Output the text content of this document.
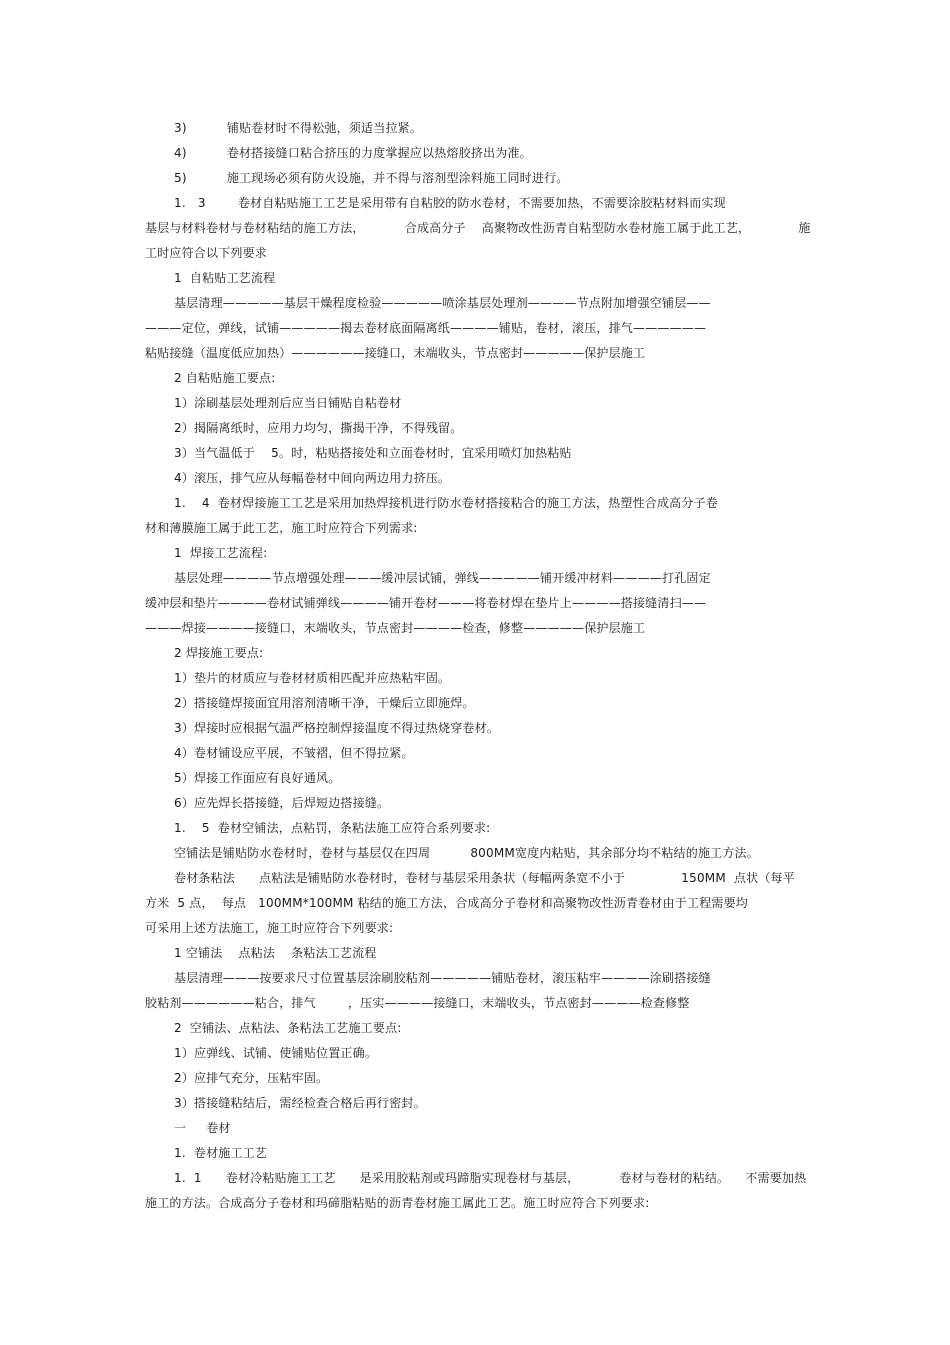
3)          铺贴卷材时不得松弛，须适当拉紧。
4)          卷材搭接缝口粘合挤压的力度掌握应以热熔胶挤出为准。
5)          施工现场必须有防火设施，并不得与溶剂型涂料施工同时进行。
1.   3        卷材自粘贴施工工艺是采用带有自粘胶的防水卷材，不需要加热，不需要涂胶粘材料而实现
基层与材料卷材与卷材粘结的施工方法，          合成高分子    高聚物改性沥青自粘型防水卷材施工属于此工艺，            施
工时应符合以下列要求
1  自粘贴工艺流程
基层清理—————基层干燥程度检验—————喷涂基层处理剂————节点附加增强空铺层——
———定位，弹线，试铺—————揭去卷材底面隔离纸————铺贴，卷材，滚压，排气——————
粘贴接缝（温度低应加热）——————接缝口，末端收头，节点密封—————保护层施工
2 自粘贴施工要点:
1）涂刷基层处理剂后应当日铺贴自粘卷材
2）揭隔离纸时，应用力均匀，撕揭干净，不得残留。
3）当气温低于    5。时，粘贴搭接处和立面卷材时，宜采用喷灯加热粘贴
4）滚压，排气应从每幅卷材中间向两边用力挤压。
1.    4  卷材焊接施工工艺是采用加热焊接机进行防水卷材搭接粘合的施工方法，热塑性合成高分子卷
材和薄膜施工属于此工艺，施工时应符合下列需求:
1  焊接工艺流程:
基层处理————节点增强处理———缓冲层试铺，弹线—————铺开缓冲材料————打孔固定
缓冲层和垫片————卷材试铺弹线————铺开卷材———将卷材焊在垫片上————搭接缝清扫——
———焊接————接缝口，末端收头，节点密封————检查，修整—————保护层施工
2 焊接施工要点:
1）垫片的材质应与卷材材质相匹配并应热粘牢固。
2）搭接缝焊接面宜用溶剂清晰干净，干燥后立即施焊。
3）焊接时应根据气温严格控制焊接温度不得过热烧穿卷材。
4）卷材铺设应平展，不皱褶，但不得拉紧。
5）焊接工作面应有良好通风。
6）应先焊长搭接缝，后焊短边搭接缝。
1.    5  卷材空铺法，点粘罚，条粘法施工应符合系列要求:
空铺法是铺贴防水卷材时，卷材与基层仅在四周          800MM宽度内粘贴，其余部分均不粘结的施工方法。
卷材条粘法      点粘法是铺贴防水卷材时，卷材与基层采用条状（每幅两条宽不小于              150MM  点状（每平
方米  5 点，  每点   100MM*100MM 粘结的施工方法，合成高分子卷材和高聚物改性沥青卷材由于工程需要均
可采用上述方法施工，施工时应符合下列要求:
1 空铺法    点粘法    条粘法工艺流程
基层清理———按要求尺寸位置基层涂刷胶粘剂—————铺贴卷材，滚压粘牢————涂刷搭接缝
胶粘剂——————粘合，排气        ，压实————接缝口，末端收头，节点密封————检查修整
2  空铺法、点粘法、条粘法工艺施工要点:
1）应弹线、试铺、使铺贴位置正确。
2）应排气充分，压粘牢固。
3）搭接缝粘结后，需经检查合格后再行密封。
一     卷材
1.  卷材施工工艺
1.  1      卷材冷粘贴施工工艺      是采用胶粘剂或玛蹄脂实现卷材与基层，          卷材与卷材的粘结。    不需要加热
施工的方法。合成高分子卷材和玛碲脂粘贴的沥青卷材施工属此工艺。施工时应符合下列要求:
